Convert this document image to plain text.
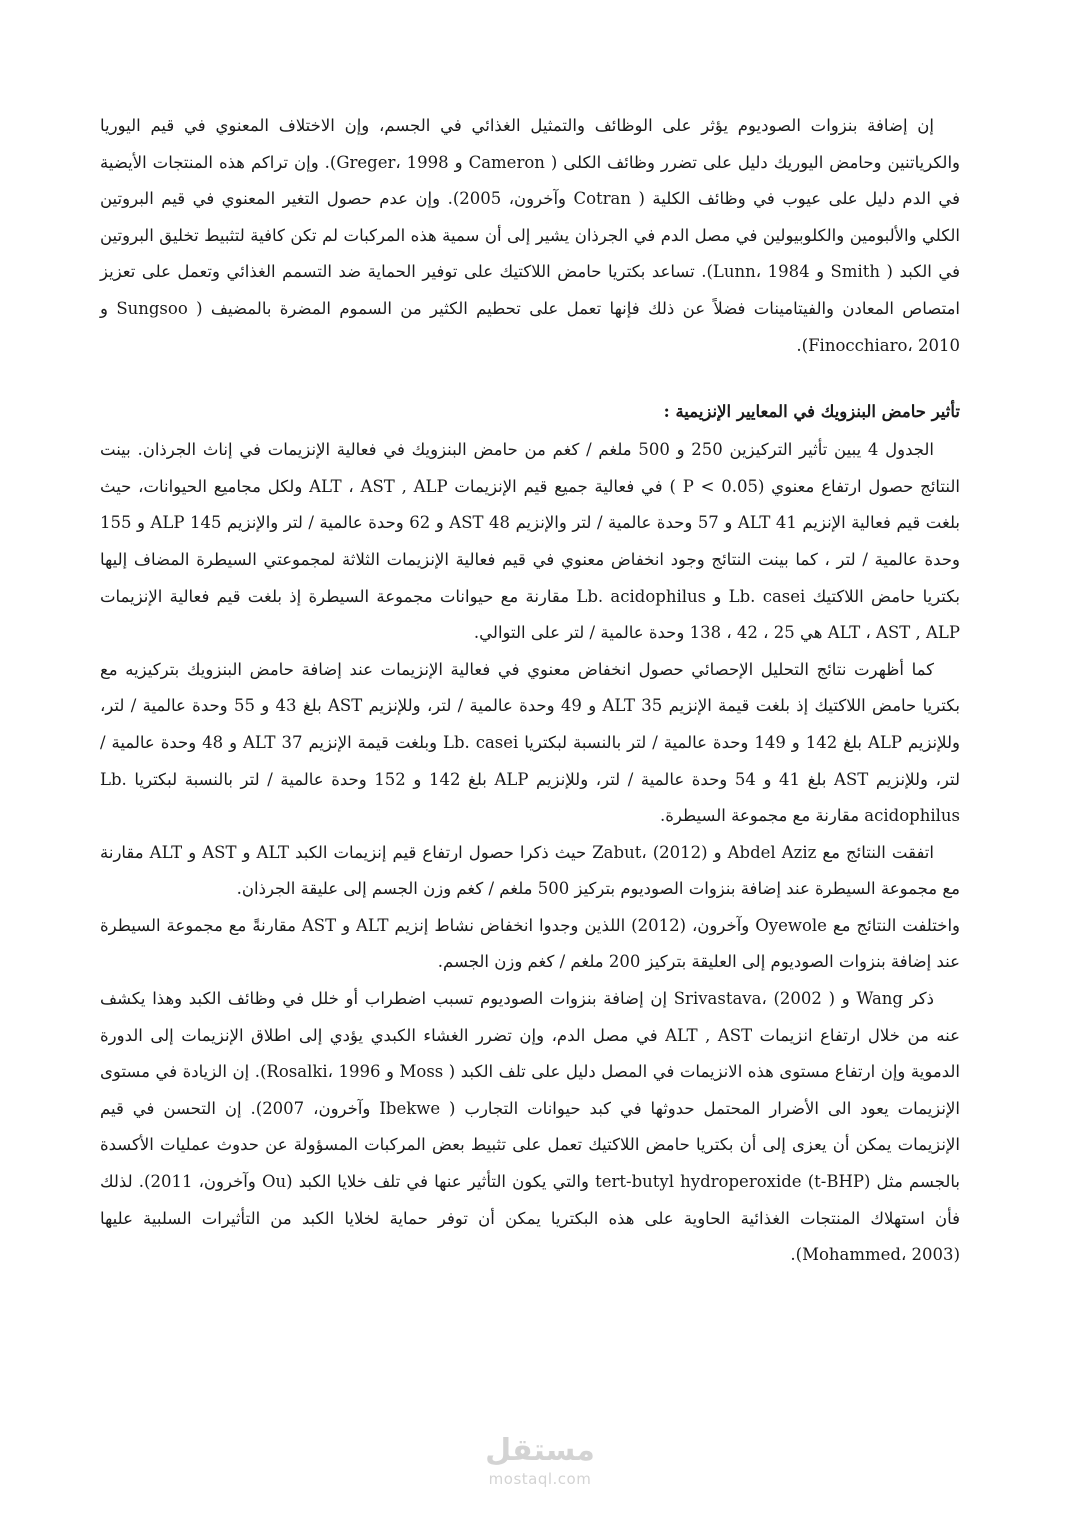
إن إضافة بنزوات الصوديوم يؤثر على الوظائف والتمثيل الغذائي في الجسم، وإن الاختلاف المعنوي في قيم اليوريا والكرياتنين وحامض اليوريك دليل على تضرر وظائف الكلى ( Cameron و Greger، 1998). وإن تراكم هذه المنتجات الأيضية في الدم دليل على عيوب في وظائف الكلية ( Cotran وآخرون، 2005). وإن عدم حصول التغير المعنوي في قيم البروتين الكلي والألبومين والكلوبيولين في مصل الدم في الجرذان يشير إلى أن سمية هذه المركبات لم تكن كافية لتثبيط تخليق البروتين في الكبد ( Smith و Lunn، 1984). تساعد بكتريا حامض اللاكتيك على توفير الحماية ضد التسمم الغذائي وتعمل على تعزيز امتصاص المعادن والفيتامينات فضلاً عن ذلك فإنها تعمل على تحطيم الكثير من السموم المضرة بالمضيف ( Sungsoo و Finocchiaro، 2010).

تأثير حامض البنزويك في المعايير الإنزيمية :

الجدول 4 يبين تأثير التركيزين 250 و 500 ملغم / كغم من حامض البنزويك في فعالية الإنزيمات في إناث الجرذان. بينت النتائج حصول ارتفاع معنوي (P < 0.05 ) في فعالية جميع قيم الإنزيمات ALT ، AST , ALP ولكل مجاميع الحيوانات، حيث بلغت قيم فعالية الإنزيم ALT 41 و 57 وحدة عالمية / لتر والإنزيم AST 48 و 62 وحدة عالمية / لتر والإنزيم ALP 145 و 155 وحدة عالمية / لتر ، كما بينت النتائج وجود انخفاض معنوي في قيم فعالية الإنزيمات الثلاثة لمجموعتي السيطرة المضاف إليها بكتريا حامض اللاكتيك Lb. casei و Lb. acidophilus مقارنة مع حيوانات مجموعة السيطرة إذ بلغت قيم فعالية الإنزيمات ALT ، AST , ALP هي 25 ، 42 ، 138 وحدة عالمية / لتر على التوالي.

كما أظهرت نتائج التحليل الإحصائي حصول انخفاض معنوي في فعالية الإنزيمات عند إضافة حامض البنزويك بتركيزيه مع بكتريا حامض اللاكتيك إذ بلغت قيمة الإنزيم ALT 35 و 49 وحدة عالمية / لتر، وللإنزيم AST بلغ 43 و 55 وحدة عالمية / لتر، وللإنزيم ALP بلغ 142 و 149 وحدة عالمية / لتر بالنسبة لبكتريا Lb. casei وبلغت قيمة الإنزيم ALT 37 و 48 وحدة عالمية / لتر، وللإنزيم AST بلغ 41 و 54 وحدة عالمية / لتر، وللإنزيم ALP بلغ 142 و 152 وحدة عالمية / لتر بالنسبة لبكتريا Lb. acidophilus مقارنة مع مجموعة السيطرة.

اتفقت النتائج مع Abdel Aziz و Zabut، (2012) حيث ذكرا حصول ارتفاع قيم إنزيمات الكبد ALT و AST و ALT مقارنة مع مجموعة السيطرة عند إضافة بنزوات الصوديوم بتركيز 500 ملغم / كغم وزن الجسم إلى عليقة الجرذان.

واختلفت النتائج مع Oyewole وآخرون، (2012) اللذين وجدوا انخفاض نشاط إنزيم ALT و AST مقارنةً مع مجموعة السيطرة عند إضافة بنزوات الصوديوم إلى العليقة بتركيز 200 ملغم / كغم وزن الجسم.

ذكر Wang و Srivastava، (2002 ) إن إضافة بنزوات الصوديوم تسبب اضطراب أو خلل في وظائف الكبد وهذا يكشف عنه من خلال ارتفاع انزيمات ALT , AST في مصل الدم، وإن تضرر الغشاء الكبدي يؤدي إلى اطلاق الإنزيمات إلى الدورة الدموية وإن ارتفاع مستوى هذه الانزيمات في المصل دليل على تلف الكبد ( Moss و Rosalki، 1996). إن الزيادة في مستوى الإنزيمات يعود الى الأضرار المحتمل حدوثها في كبد حيوانات التجارب ( Ibekwe وآخرون، 2007). إن التحسن في قيم الإنزيمات يمكن أن يعزى إلى أن بكتريا حامض اللاكتيك تعمل على تثبيط بعض المركبات المسؤولة عن حدوث عمليات الأكسدة بالجسم مثل tert-butyl hydroperoxide (t-BHP) والتي يكون التأثير عنها في تلف خلايا الكبد (Ou وآخرون، 2011). لذلك فأن استهلاك المنتجات الغذائية الحاوية على هذه البكتريا يمكن أن توفر حماية لخلايا الكبد من التأثيرات السلبية عليها (Mohammed، 2003).

مستقل
mostaql.com
